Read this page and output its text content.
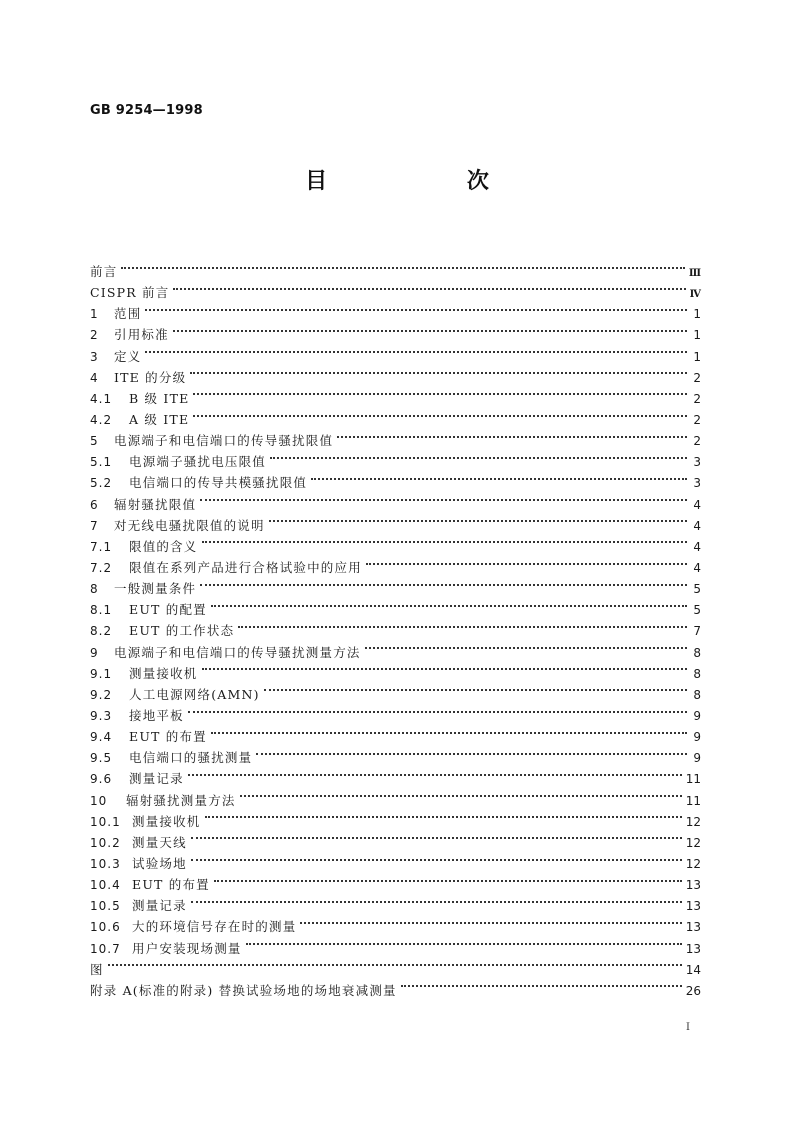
GB 9254—1998
目 次
前言	Ⅲ
CISPR 前言	Ⅳ
1	范围	1
2	引用标准	1
3	定义	1
4	ITE 的分级	2
4.1	B 级 ITE	2
4.2	A 级 ITE	2
5	电源端子和电信端口的传导骚扰限值	2
5.1	电源端子骚扰电压限值	3
5.2	电信端口的传导共模骚扰限值	3
6	辐射骚扰限值	4
7	对无线电骚扰限值的说明	4
7.1	限值的含义	4
7.2	限值在系列产品进行合格试验中的应用	4
8	一般测量条件	5
8.1	EUT 的配置	5
8.2	EUT 的工作状态	7
9	电源端子和电信端口的传导骚扰测量方法	8
9.1	测量接收机	8
9.2	人工电源网络(AMN)	8
9.3	接地平板	9
9.4	EUT 的布置	9
9.5	电信端口的骚扰测量	9
9.6	测量记录	11
10	辐射骚扰测量方法	11
10.1 测量接收机	12
10.2 测量天线	12
10.3 试验场地	12
10.4 EUT 的布置	13
10.5 测量记录	13
10.6 大的环境信号存在时的测量	13
10.7 用户安装现场测量	13
图	14
附录 A(标准的附录) 替换试验场地的场地衰减测量	26
I
